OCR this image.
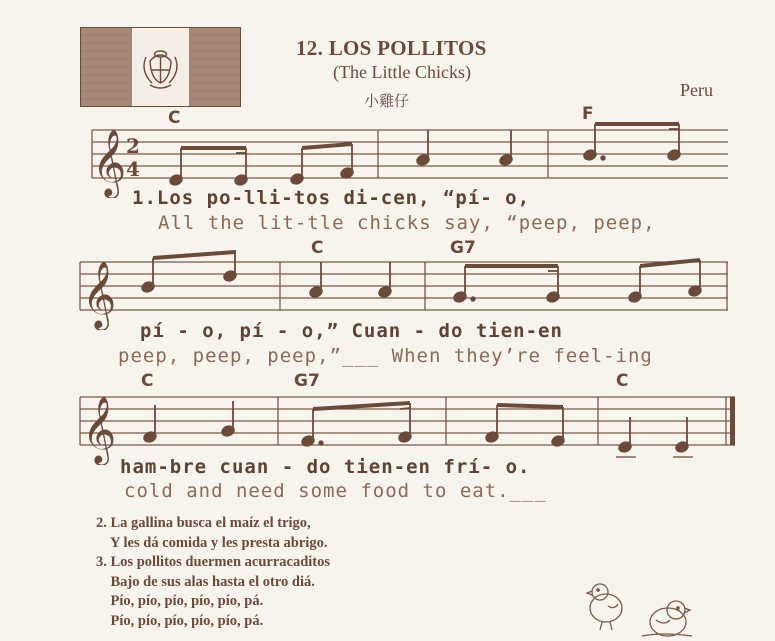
12. LOS POLLITOS
(The Little Chicks)
小雞仔
Peru
C	F
𝄞 2
4
1.Los po-lli-tos di-cen, “pí- o,
All the lit-tle chicks say, “peep, peep,
C	G7
𝄞
pí - o, pí - o,” Cuan - do tien-en
peep, peep, peep,”___ When they’re feel-ing
C	G7	C
𝄞
ham-bre cuan - do tien-en frí- o.
cold and need some food to eat.___
2. La gallina busca el maíz el trigo,
Y les dá comida y les presta abrigo.
3. Los pollitos duermen acurracaditos
Bajo de sus alas hasta el otro diá.
Pío, pío, pío, pío, pío, pá.
Pío, pío, pío, pío, pío, pá.
